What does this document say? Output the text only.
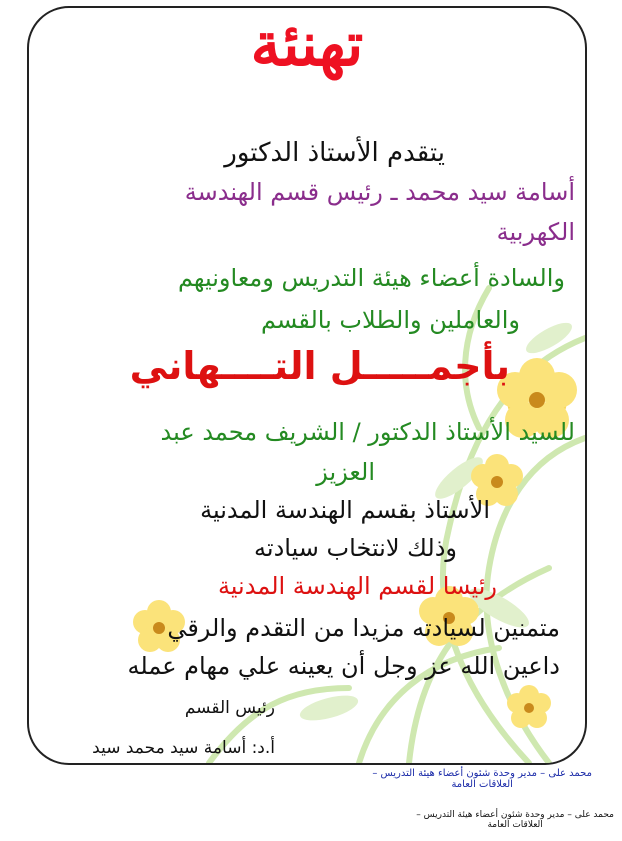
تهنئة
يتقدم الأستاذ الدكتور
أسامة سيد محمد ـ رئيس قسم الهندسة
الكهربية
والسادة أعضاء هيئة التدريس ومعاونيهم
والعاملين والطلاب بالقسم
بأجمـــــل التــــهاني
للسيد الأستاذ الدكتور / الشريف محمد عبد
العزيز
الأستاذ بقسم الهندسة المدنية
وذلك لانتخاب سيادته
رئيسا لقسم الهندسة المدنية
متمنين لسيادته مزيدا من التقدم والرقي
داعين الله عز وجل أن يعينه علي مهام عمله
رئيس القسم
أ.د: أسامة سيد محمد سيد
محمد على – مدير وحدة شئون أعضاء هيئة التدريس –
العلاقات العامة
محمد على – مدير وحدة شئون أعضاء هيئة التدريس –
العلاقات العامة
